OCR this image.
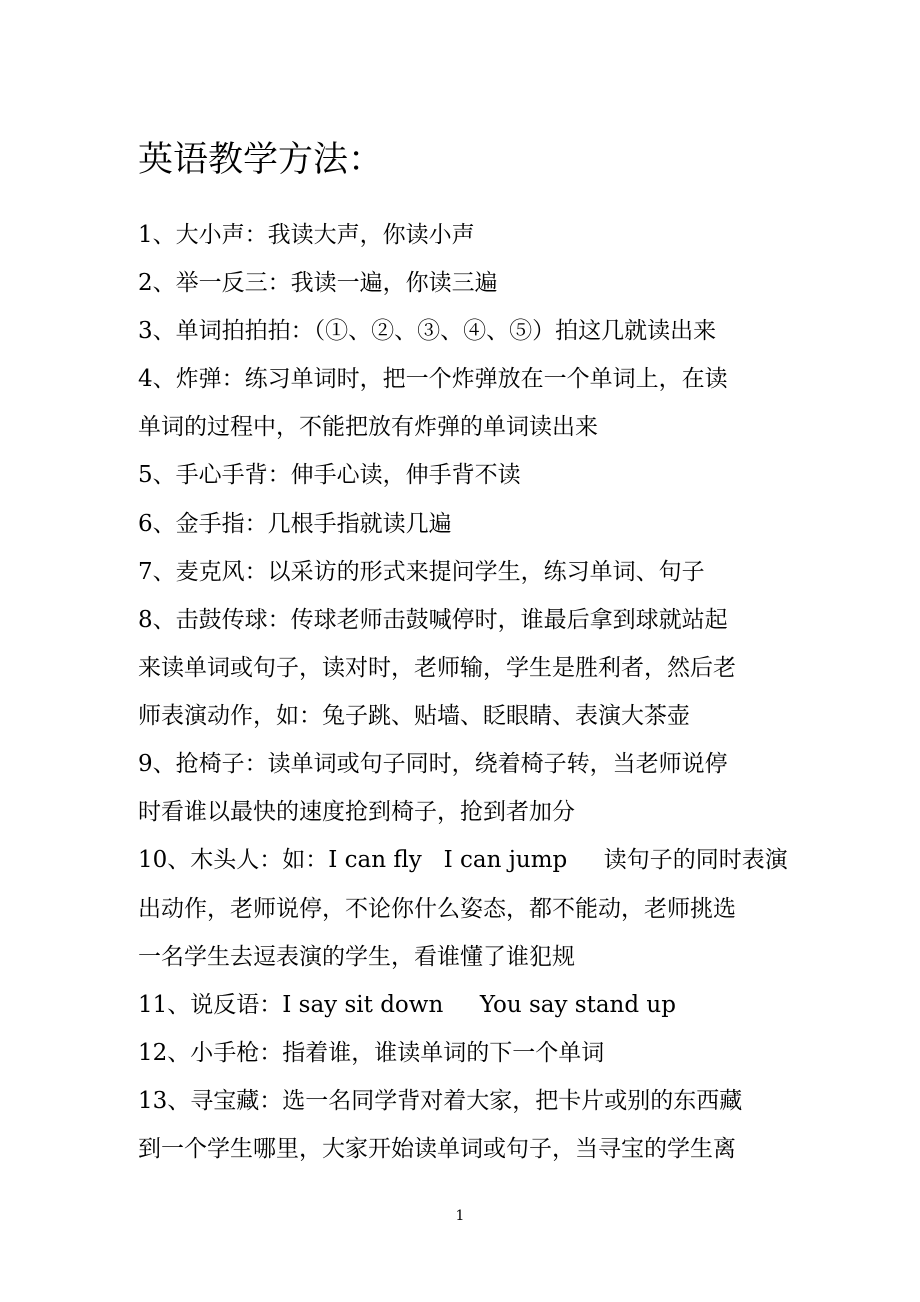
英语教学方法：

1、大小声：我读大声，你读小声

2、举一反三：我读一遍，你读三遍

3、单词拍拍拍：（①、②、③、④、⑤）拍这几就读出来

4、炸弹：练习单词时，把一个炸弹放在一个单词上，在读

单词的过程中，不能把放有炸弹的单词读出来

5、手心手背：伸手心读，伸手背不读

6、金手指：几根手指就读几遍

7、麦克风：以采访的形式来提问学生，练习单词、句子

8、击鼓传球：传球老师击鼓喊停时，谁最后拿到球就站起

来读单词或句子，读对时，老师输，学生是胜利者，然后老

师表演动作，如：兔子跳、贴墙、眨眼睛、表演大茶壶

9、抢椅子：读单词或句子同时，绕着椅子转，当老师说停

时看谁以最快的速度抢到椅子，抢到者加分

10、木头人：如：I can fly   I can jump     读句子的同时表演

出动作，老师说停，不论你什么姿态，都不能动，老师挑选

一名学生去逗表演的学生，看谁懂了谁犯规

11、说反语：I say sit down     You say stand up

12、小手枪：指着谁，谁读单词的下一个单词

13、寻宝藏：选一名同学背对着大家，把卡片或别的东西藏

到一个学生哪里，大家开始读单词或句子，当寻宝的学生离

1
